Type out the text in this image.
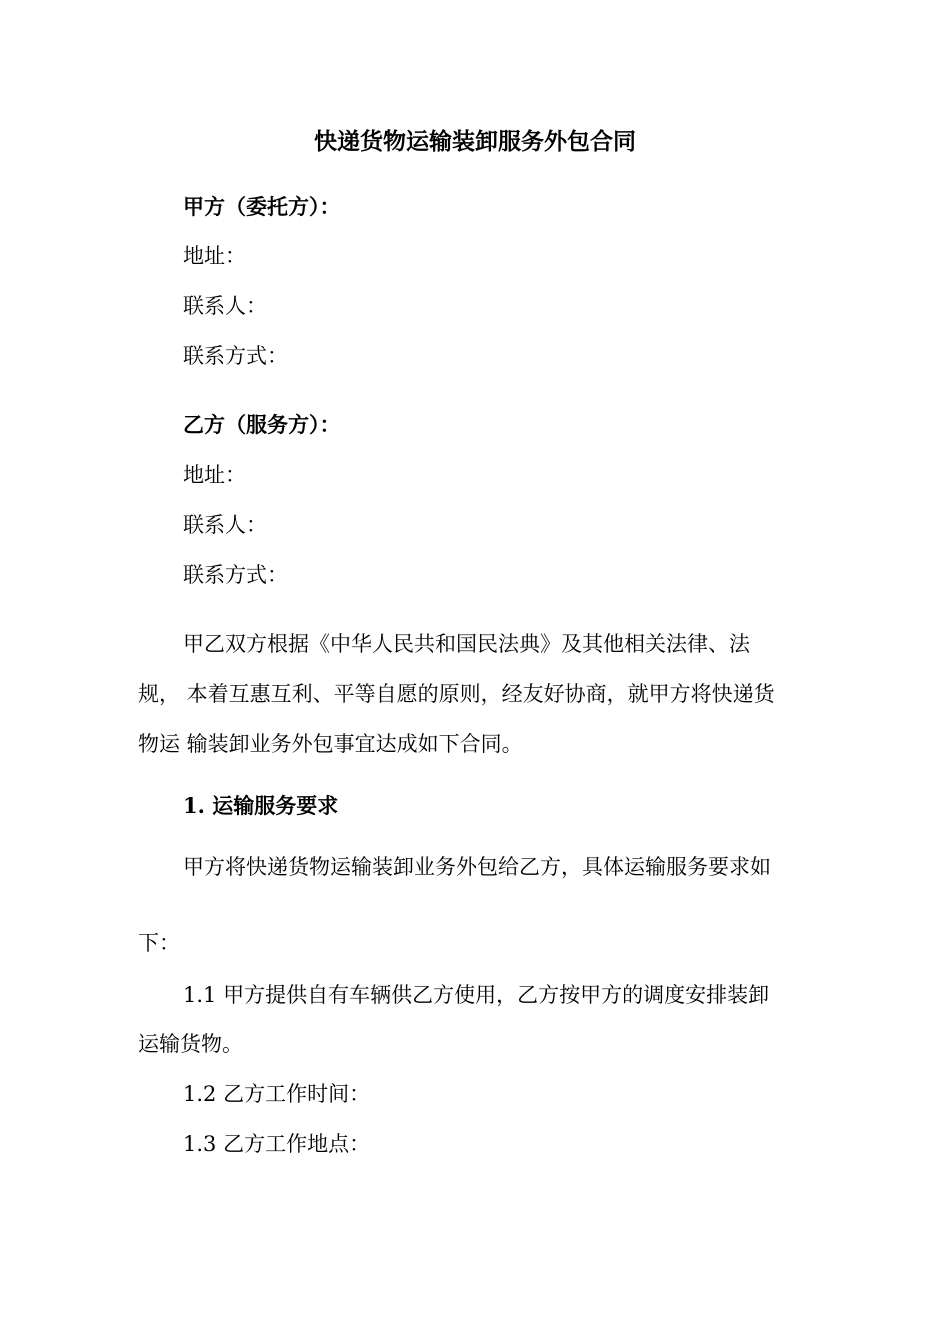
快递货物运输装卸服务外包合同
甲方（委托方）：
地址：
联系人：
联系方式：
乙方（服务方）：
地址：
联系人：
联系方式：
甲乙双方根据《中华人民共和国民法典》及其他相关法律、法
规， 本着互惠互利、平等自愿的原则，经友好协商，就甲方将快递货
物运 输装卸业务外包事宜达成如下合同。
1. 运输服务要求
甲方将快递货物运输装卸业务外包给乙方，具体运输服务要求如
下：
1.1 甲方提供自有车辆供乙方使用，乙方按甲方的调度安排装卸
运输货物。
1.2 乙方工作时间：
1.3 乙方工作地点：
